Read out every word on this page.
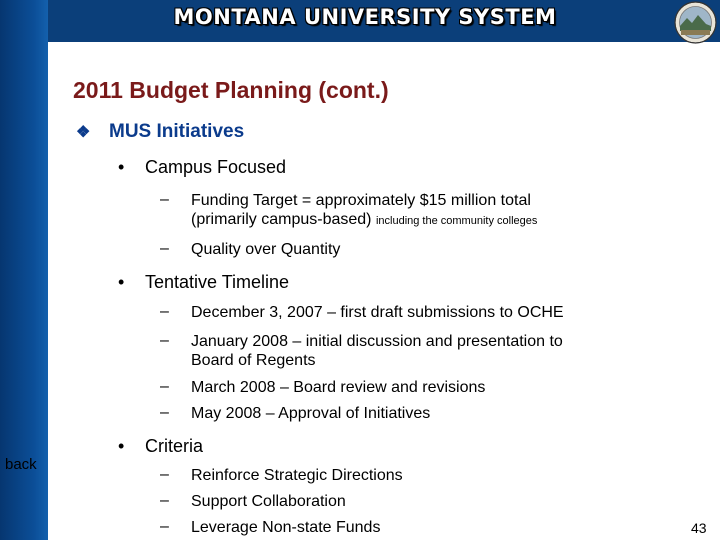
MONTANA UNIVERSITY SYSTEM
2011 Budget Planning (cont.)
❖ MUS Initiatives
• Campus Focused
– Funding Target = approximately $15 million total
(primarily campus-based) including the community colleges
– Quality over Quantity
• Tentative Timeline
– December 3, 2007 – first draft submissions to OCHE
– January 2008 – initial discussion and presentation to
Board of Regents
– March 2008 – Board review and revisions
– May 2008 – Approval of Initiatives
• Criteria
– Reinforce Strategic Directions
– Support Collaboration
– Leverage Non-state Funds
back
43
